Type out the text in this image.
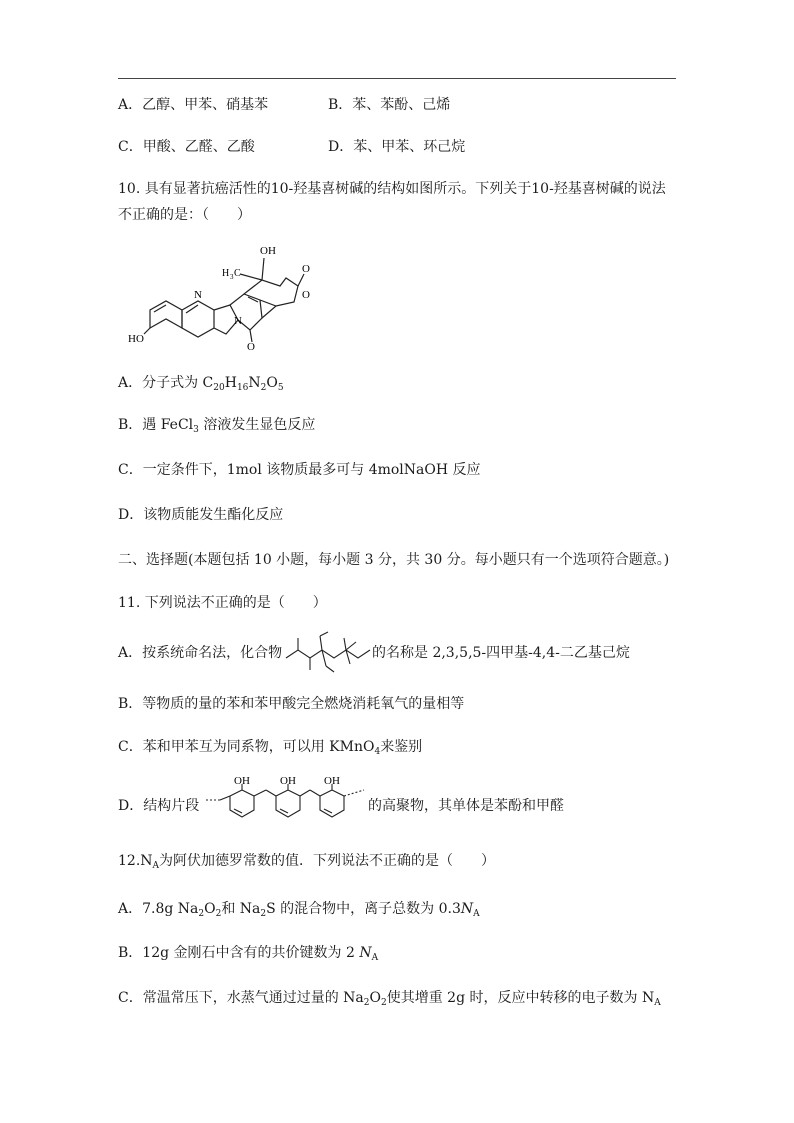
A．乙醇、甲苯、硝基苯	B．苯、苯酚、己烯
C．甲酸、乙醛、乙酸	D．苯、甲苯、环己烷
10. 具有显著抗癌活性的10-羟基喜树碱的结构如图所示。下列关于10-羟基喜树碱的说法
不正确的是：（　　）
OH
H 3 C	O
O
O
N
N
HO
A．分子式为 $C_{20}H_{16}N_2O_5$
B．遇 FeCl$_3$ 溶液发生显色反应
C．一定条件下，1mol 该物质最多可与 4molNaOH 反应
D．该物质能发生酯化反应
二、选择题(本题包括 10 小题，每小题 3 分，共 30 分。每小题只有一个选项符合题意。)
11. 下列说法不正确的是（　　）
A．按系统命名法，化合物	的名称是 2,3,5,5-四甲基-4,4-二乙基己烷
B．等物质的量的苯和苯甲酸完全燃烧消耗氧气的量相等
C．苯和甲苯互为同系物，可以用 KMnO$_4$来鉴别
D．结构片段
OH	OH	OH
的高聚物，其单体是苯酚和甲醛
$12.N_A$为阿伏加德罗常数的值．下列说法不正确的是（　　）
A．7.8g $Na_2O_2$和 $Na_2S$ 的混合物中，离子总数为 $0.3N_A$
B．12g 金刚石中含有的共价键数为 2 $N_A$
C．常温常压下，水蒸气通过过量的 $Na_2O_2$使其增重 2g 时，反应中转移的电子数为 $N_A$
